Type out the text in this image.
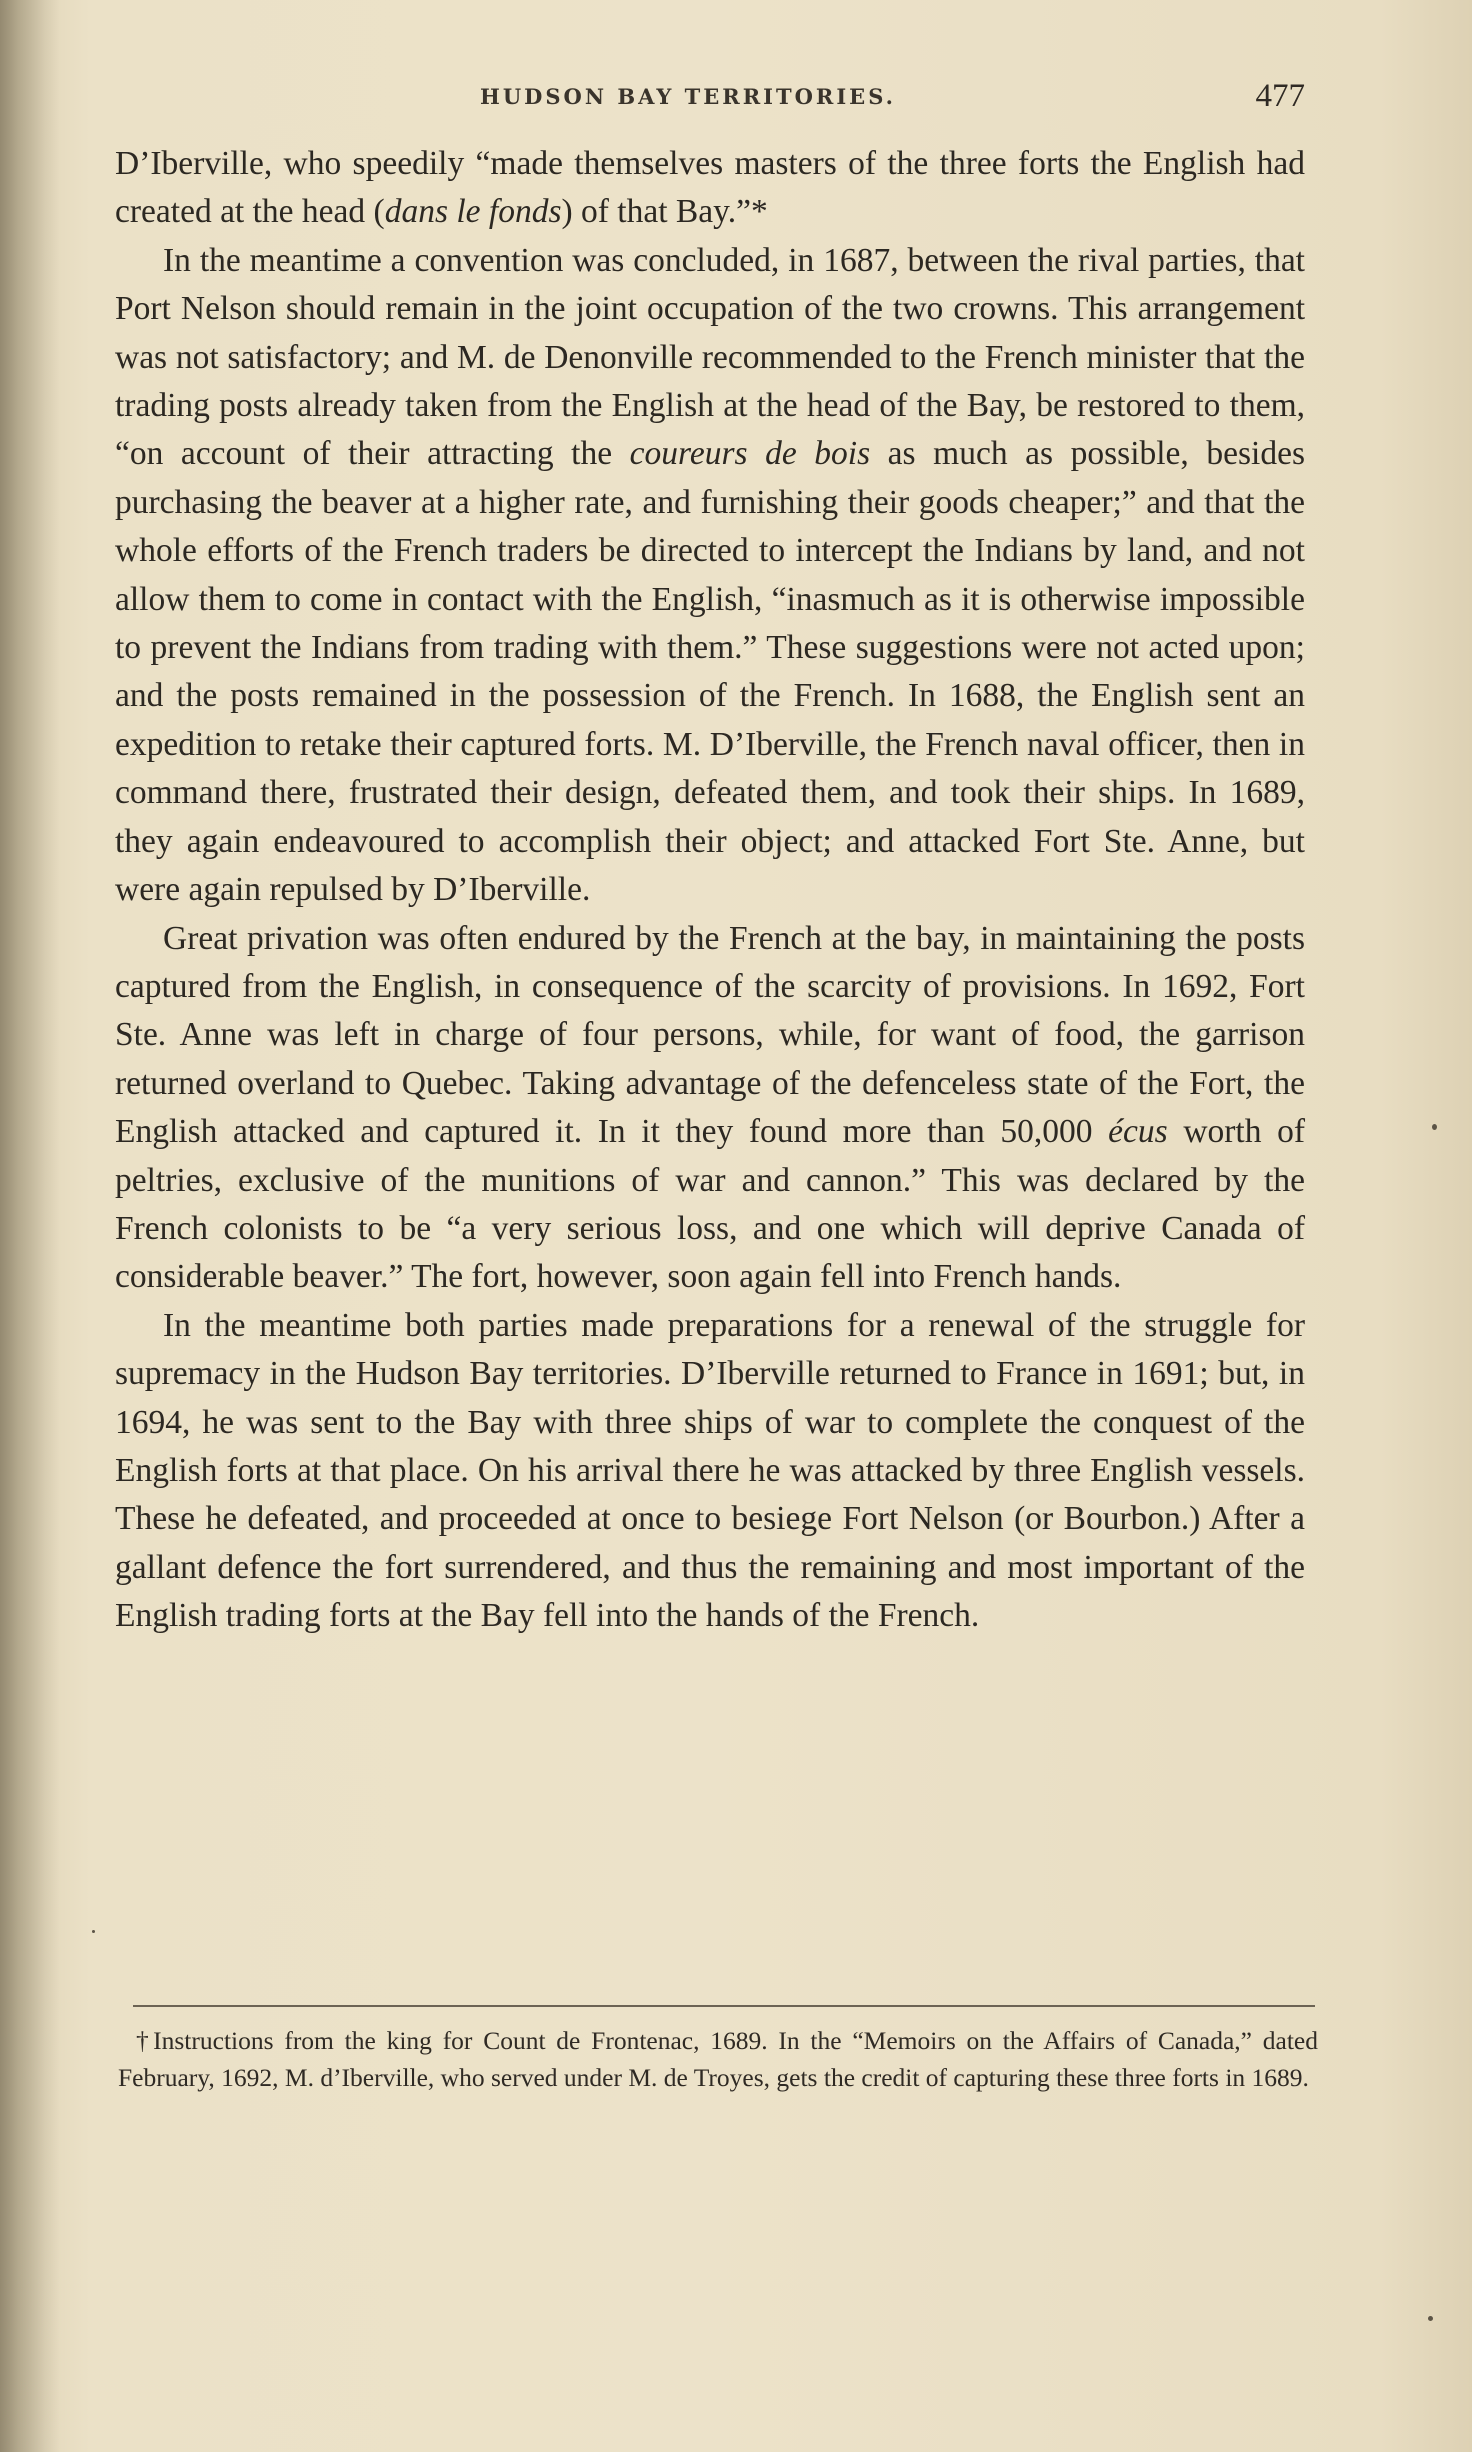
HUDSON BAY TERRITORIES.	477

D’Iberville, who speedily “made themselves masters of the three forts the English had created at the head (dans le fonds) of that Bay.”*

In the meantime a convention was concluded, in 1687, between the rival parties, that Port Nelson should remain in the joint occupation of the two crowns. This arrangement was not satisfactory; and M. de Denonville recommended to the French minister that the trading posts already taken from the English at the head of the Bay, be restored to them, “on account of their attracting the coureurs de bois as much as possible, besides purchasing the beaver at a higher rate, and furnishing their goods cheaper;” and that the whole efforts of the French traders be directed to intercept the Indians by land, and not allow them to come in contact with the English, “inasmuch as it is otherwise impossible to prevent the Indians from trading with them.” These suggestions were not acted upon; and the posts remained in the possession of the French. In 1688, the English sent an expedition to retake their captured forts. M. D’Iberville, the French naval officer, then in command there, frustrated their design, defeated them, and took their ships. In 1689, they again endeavoured to accomplish their object; and attacked Fort Ste. Anne, but were again repulsed by D’Iberville.

Great privation was often endured by the French at the bay, in maintaining the posts captured from the English, in consequence of the scarcity of provisions. In 1692, Fort Ste. Anne was left in charge of four persons, while, for want of food, the garrison returned overland to Quebec. Taking advantage of the defenceless state of the Fort, the English attacked and captured it. In it they found more than 50,000 écus worth of peltries, exclusive of the munitions of war and cannon.” This was declared by the French colonists to be “a very serious loss, and one which will deprive Canada of considerable beaver.” The fort, however, soon again fell into French hands.

In the meantime both parties made preparations for a renewal of the struggle for supremacy in the Hudson Bay territories. D’Iberville returned to France in 1691; but, in 1694, he was sent to the Bay with three ships of war to complete the conquest of the English forts at that place. On his arrival there he was attacked by three English vessels. These he defeated, and proceeded at once to besiege Fort Nelson (or Bourbon.) After a gallant defence the fort surrendered, and thus the remaining and most important of the English trading forts at the Bay fell into the hands of the French.

†Instructions from the king for Count de Frontenac, 1689. In the “Memoirs on the Affairs of Canada,” dated February, 1692, M. d’Iberville, who served under M. de Troyes, gets the credit of capturing these three forts in 1689.
